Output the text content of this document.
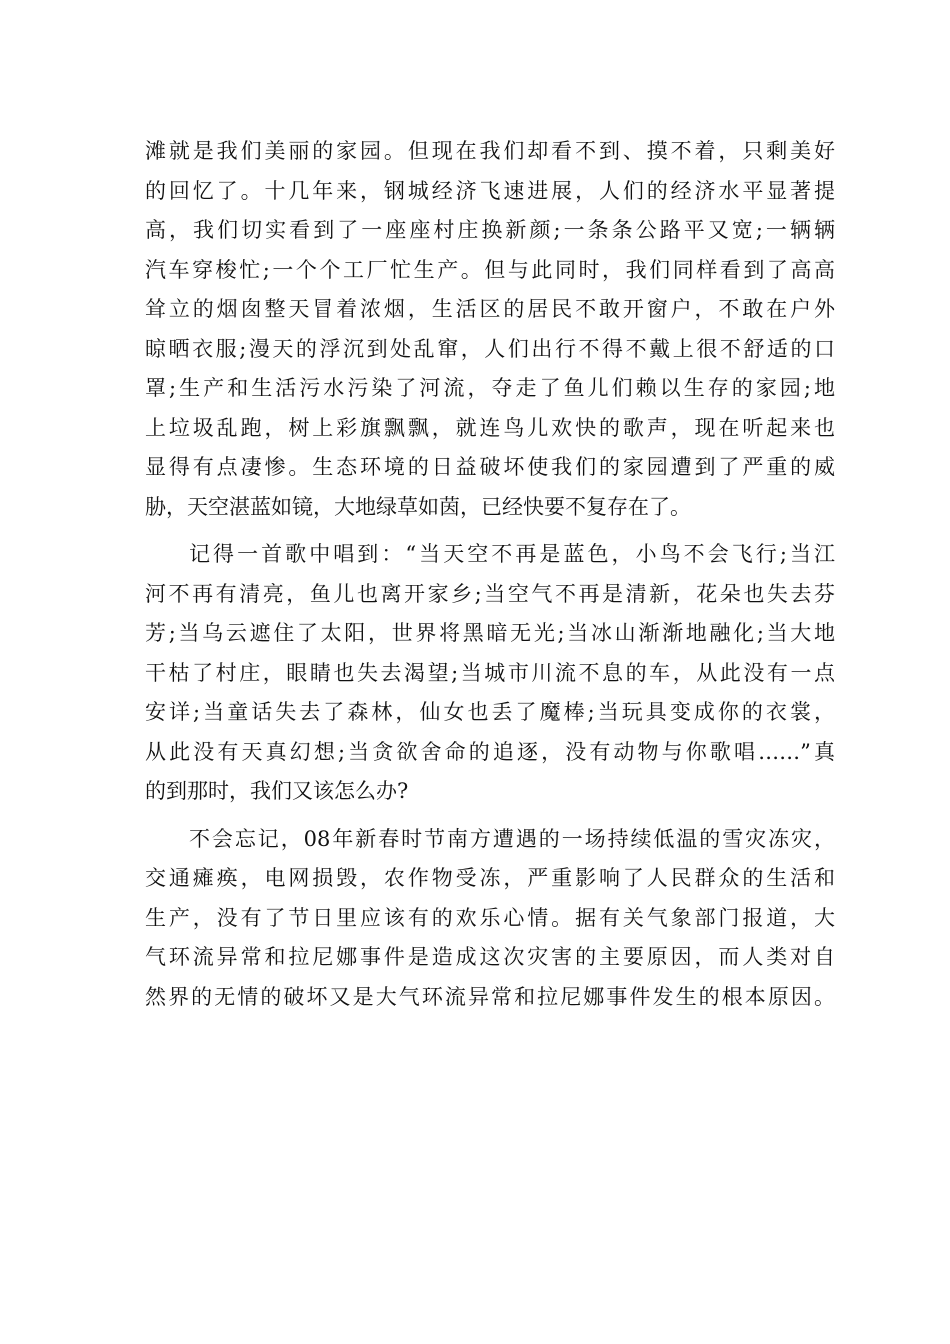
滩就是我们美丽的家园。但现在我们却看不到、摸不着，只剩美好
的回忆了。十几年来，钢城经济飞速进展，人们的经济水平显著提
高，我们切实看到了一座座村庄换新颜;一条条公路平又宽;一辆辆
汽车穿梭忙;一个个工厂忙生产。但与此同时，我们同样看到了高高
耸立的烟囱整天冒着浓烟，生活区的居民不敢开窗户，不敢在户外
晾晒衣服;漫天的浮沉到处乱窜，人们出行不得不戴上很不舒适的口
罩;生产和生活污水污染了河流，夺走了鱼儿们赖以生存的家园;地
上垃圾乱跑，树上彩旗飘飘，就连鸟儿欢快的歌声，现在听起来也
显得有点凄惨。生态环境的日益破坏使我们的家园遭到了严重的威
胁，天空湛蓝如镜，大地绿草如茵，已经快要不复存在了。
记得一首歌中唱到：“当天空不再是蓝色，小鸟不会飞行;当江
河不再有清亮，鱼儿也离开家乡;当空气不再是清新，花朵也失去芬
芳;当乌云遮住了太阳，世界将黑暗无光;当冰山渐渐地融化;当大地
干枯了村庄，眼睛也失去渴望;当城市川流不息的车，从此没有一点
安详;当童话失去了森林，仙女也丢了魔棒;当玩具变成你的衣裳，
从此没有天真幻想;当贪欲舍命的追逐，没有动物与你歌唱……”真
的到那时，我们又该怎么办?
不会忘记，08年新春时节南方遭遇的一场持续低温的雪灾冻灾，
交通瘫痪，电网损毁，农作物受冻，严重影响了人民群众的生活和
生产，没有了节日里应该有的欢乐心情。据有关气象部门报道，大
气环流异常和拉尼娜事件是造成这次灾害的主要原因，而人类对自
然界的无情的破坏又是大气环流异常和拉尼娜事件发生的根本原因。
